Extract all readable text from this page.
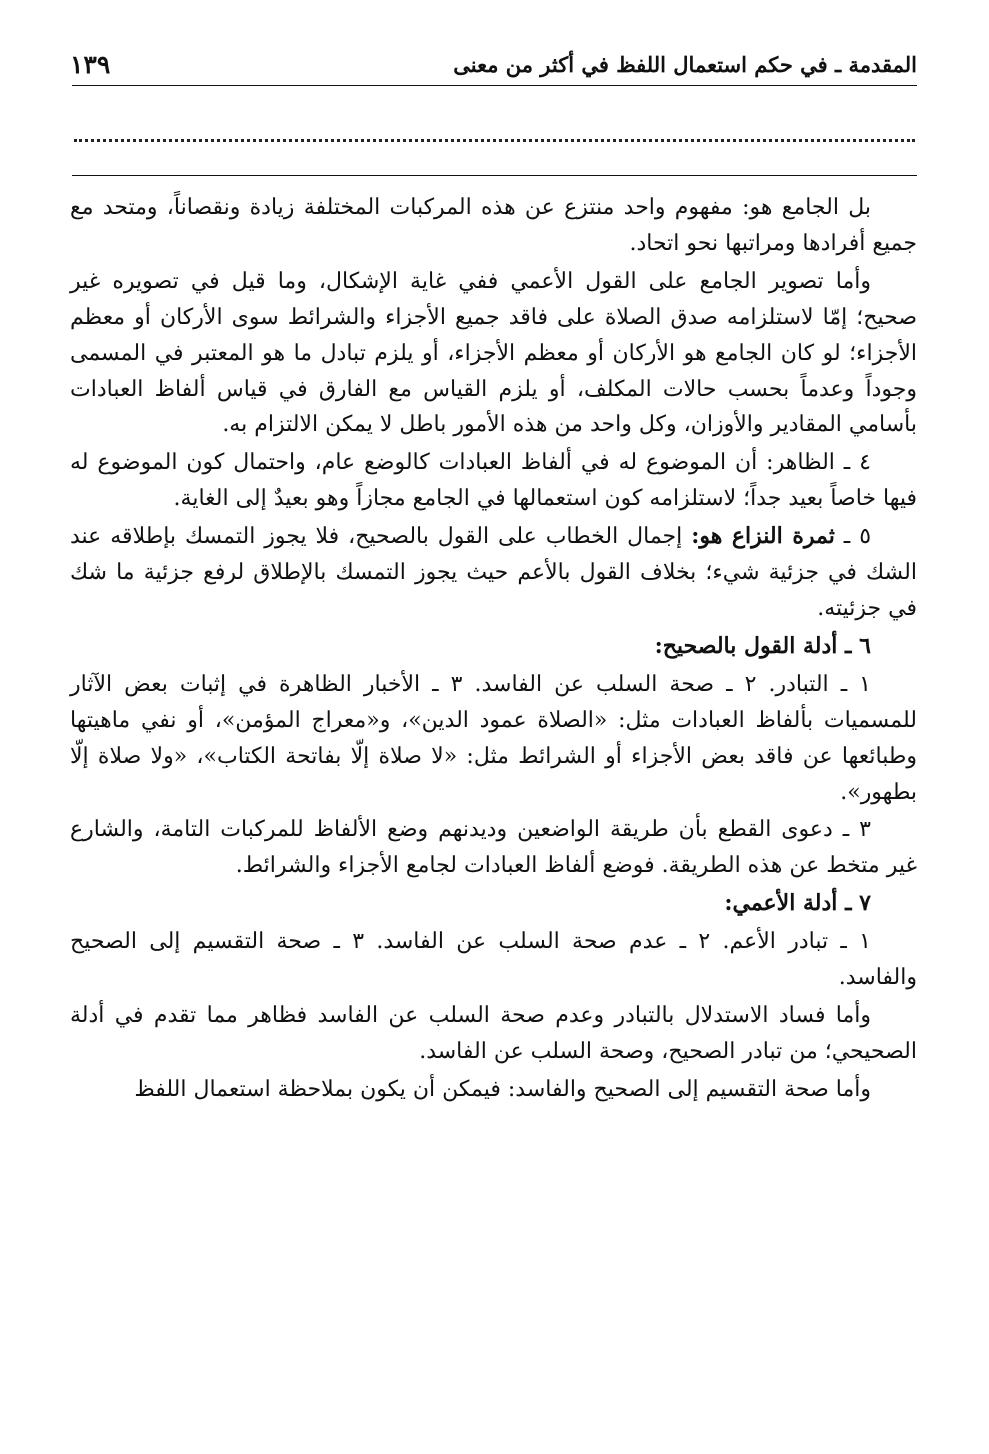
المقدمة ـ في حكم استعمال اللفظ في أكثر من معنى
١٣٩

بل الجامع هو: مفهوم واحد منتزع عن هذه المركبات المختلفة زيادة ونقصاناً، ومتحد مع جميع أفرادها ومراتبها نحو اتحاد.

وأما تصوير الجامع على القول الأعمي ففي غاية الإشكال، وما قيل في تصويره غير صحيح؛ إمّا لاستلزامه صدق الصلاة على فاقد جميع الأجزاء والشرائط سوى الأركان أو معظم الأجزاء؛ لو كان الجامع هو الأركان أو معظم الأجزاء، أو يلزم تبادل ما هو المعتبر في المسمى وجوداً وعدماً بحسب حالات المكلف، أو يلزم القياس مع الفارق في قياس ألفاظ العبادات بأسامي المقادير والأوزان، وكل واحد من هذه الأمور باطل لا يمكن الالتزام به.

٤ ـ الظاهر: أن الموضوع له في ألفاظ العبادات كالوضع عام، واحتمال كون الموضوع له فيها خاصاً بعيد جداً؛ لاستلزامه كون استعمالها في الجامع مجازاً وهو بعيدٌ إلى الغاية.

٥ ـ ثمرة النزاع هو: إجمال الخطاب على القول بالصحيح، فلا يجوز التمسك بإطلاقه عند الشك في جزئية شيء؛ بخلاف القول بالأعم حيث يجوز التمسك بالإطلاق لرفع جزئية ما شك في جزئيته.

٦ ـ أدلة القول بالصحيح:

١ ـ التبادر. ٢ ـ صحة السلب عن الفاسد. ٣ ـ الأخبار الظاهرة في إثبات بعض الآثار للمسميات بألفاظ العبادات مثل: «الصلاة عمود الدين»، و«معراج المؤمن»، أو نفي ماهيتها وطبائعها عن فاقد بعض الأجزاء أو الشرائط مثل: «لا صلاة إلّا بفاتحة الكتاب»، «ولا صلاة إلّا بطهور».

٣ ـ دعوى القطع بأن طريقة الواضعين وديدنهم وضع الألفاظ للمركبات التامة، والشارع غير متخط عن هذه الطريقة. فوضع ألفاظ العبادات لجامع الأجزاء والشرائط.

٧ ـ أدلة الأعمي:

١ ـ تبادر الأعم. ٢ ـ عدم صحة السلب عن الفاسد. ٣ ـ صحة التقسيم إلى الصحيح والفاسد.

وأما فساد الاستدلال بالتبادر وعدم صحة السلب عن الفاسد فظاهر مما تقدم في أدلة الصحيحي؛ من تبادر الصحيح، وصحة السلب عن الفاسد.

وأما صحة التقسيم إلى الصحيح والفاسد: فيمكن أن يكون بملاحظة استعمال اللفظ
